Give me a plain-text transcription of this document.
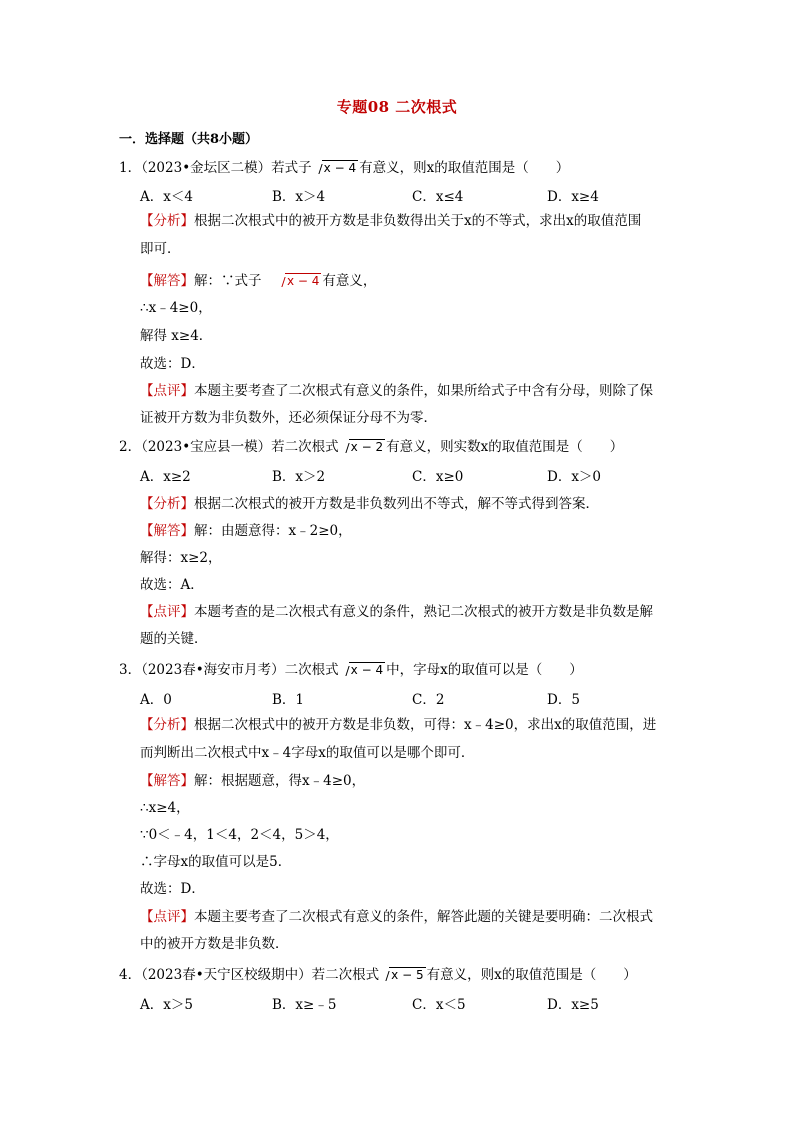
专题08 二次根式
一．选择题（共8小题）
1．（2023•金坛区二模）若式子 x − 4 有意义，则x的取值范围是（　　）
A．x＜4	B．x＞4	C．x≤4	D．x≥4
【分析】根据二次根式中的被开方数是非负数得出关于x的不等式，求出x的取值范围
即可．
【解答】解：∵式子　x − 4 有意义，
∴x﹣4≥0，
解得 x≥4．
故选：D．
【点评】本题主要考查了二次根式有意义的条件，如果所给式子中含有分母，则除了保
证被开方数为非负数外，还必须保证分母不为零．
2．（2023•宝应县一模）若二次根式 x − 2 有意义，则实数x的取值范围是（　　）
A．x≥2	B．x＞2	C．x≥0	D．x＞0
【分析】根据二次根式的被开方数是非负数列出不等式，解不等式得到答案．
【解答】解：由题意得：x﹣2≥0，
解得：x≥2，
故选：A．
【点评】本题考查的是二次根式有意义的条件，熟记二次根式的被开方数是非负数是解
题的关键．
3．（2023春•海安市月考）二次根式 x − 4 中，字母x的取值可以是（　　）
A．0	B．1	C．2	D．5
【分析】根据二次根式中的被开方数是非负数，可得：x﹣4≥0，求出x的取值范围，进
而判断出二次根式中x﹣4字母x的取值可以是哪个即可．
【解答】解：根据题意，得x﹣4≥0，
∴x≥4，
∵0＜﹣4，1＜4，2＜4，5＞4，
∴字母x的取值可以是5．
故选：D．
【点评】本题主要考查了二次根式有意义的条件，解答此题的关键是要明确：二次根式
中的被开方数是非负数．
4．（2023春•天宁区校级期中）若二次根式 x − 5 有意义，则x的取值范围是（　　）
A．x＞5	B．x≥﹣5	C．x＜5	D．x≥5
